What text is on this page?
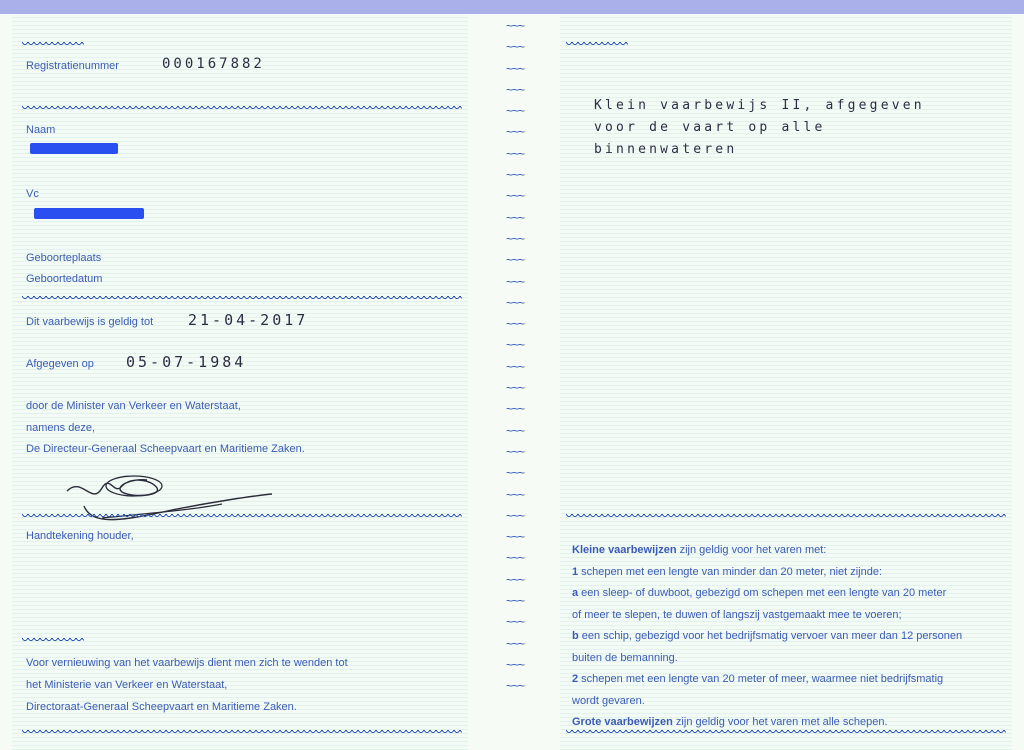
Registratienummer	000167882
Naam
Vc
Geboorteplaats
Geboortedatum
Dit vaarbewijs is geldig tot 21-04-2017
Afgegeven op 05-07-1984
door de Minister van Verkeer en Waterstaat,
namens deze,
De Directeur-Generaal Scheepvaart en Maritieme Zaken.
Handtekening houder,
Voor vernieuwing van het vaarbewijs dient men zich te wenden tot
het Ministerie van Verkeer en Waterstaat,
Directoraat-Generaal Scheepvaart en Maritieme Zaken.
~~~
~~~
~~~
~~~
~~~
~~~
~~~
~~~
~~~
~~~
~~~
~~~
~~~
~~~
~~~
~~~
~~~
~~~
~~~
~~~
~~~
~~~
~~~
~~~
~~~
~~~
~~~
~~~
~~~
~~~
~~~
~~~
Klein vaarbewijs II, afgegeven
voor de vaart op alle
binnenwateren
Kleine vaarbewijzen zijn geldig voor het varen met:
1 schepen met een lengte van minder dan 20 meter, niet zijnde:
a een sleep- of duwboot, gebezigd om schepen met een lengte van 20 meter
of meer te slepen, te duwen of langszij vastgemaakt mee te voeren;
b een schip, gebezigd voor het bedrijfsmatig vervoer van meer dan 12 personen
buiten de bemanning.
2 schepen met een lengte van 20 meter of meer, waarmee niet bedrijfsmatig
wordt gevaren.
Grote vaarbewijzen zijn geldig voor het varen met alle schepen.
